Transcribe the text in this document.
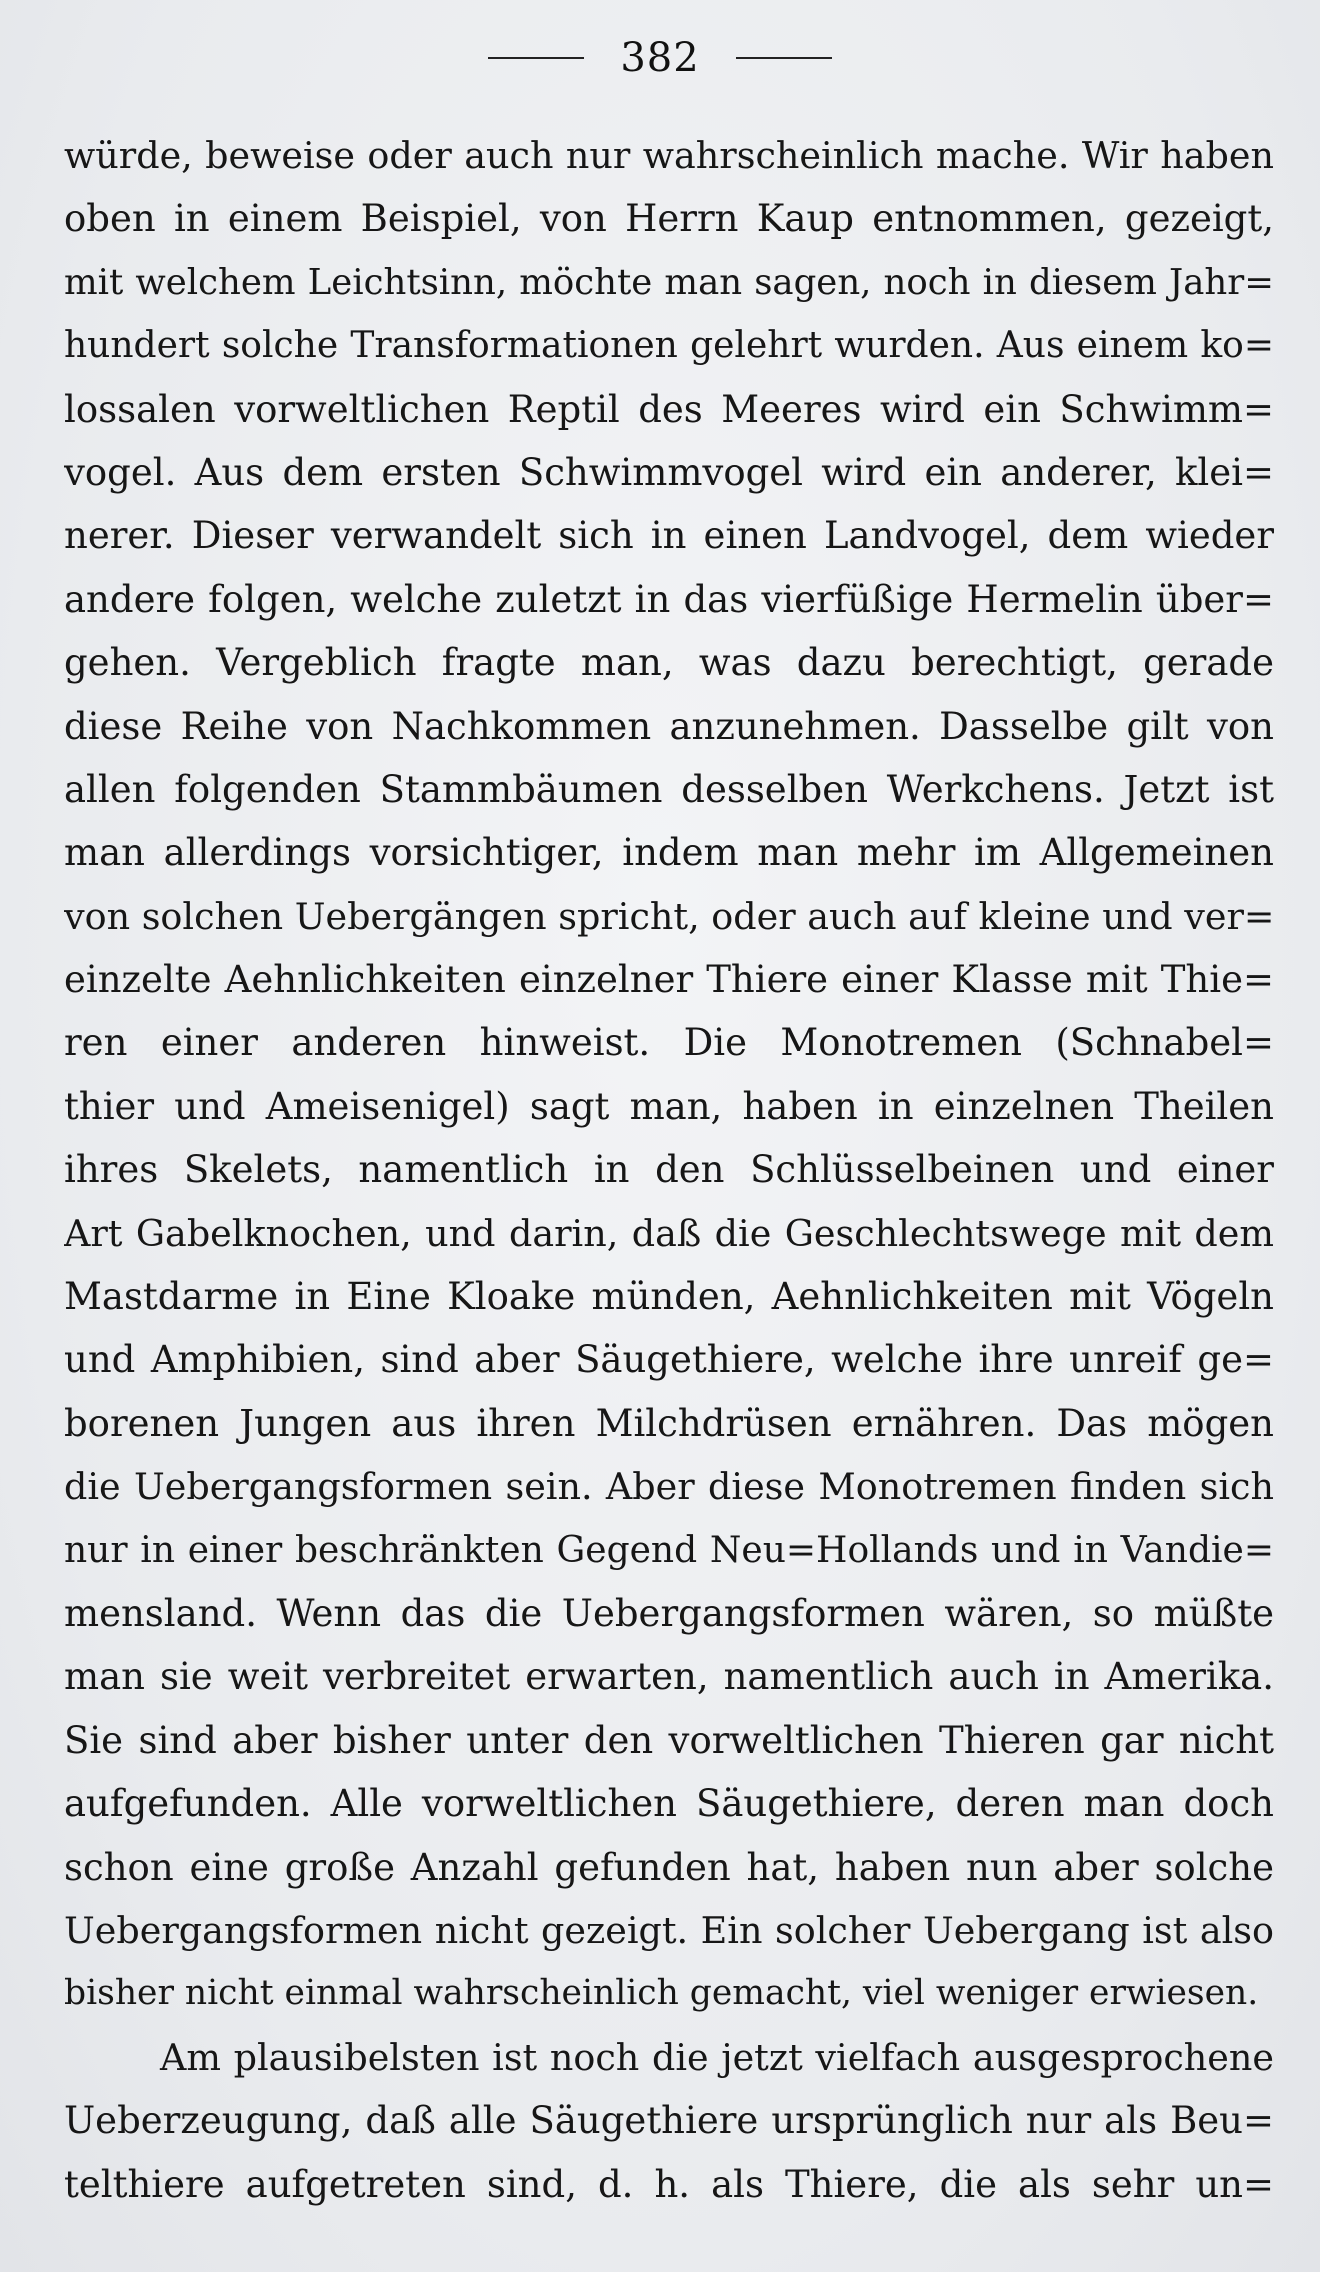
382
würde, beweise oder auch nur wahrscheinlich mache. Wir haben
oben in einem Beispiel, von Herrn Kaup entnommen, gezeigt,
mit welchem Leichtsinn, möchte man sagen, noch in diesem Jahr=
hundert solche Transformationen gelehrt wurden. Aus einem ko=
lossalen vorweltlichen Reptil des Meeres wird ein Schwimm=
vogel. Aus dem ersten Schwimmvogel wird ein anderer, klei=
nerer. Dieser verwandelt sich in einen Landvogel, dem wieder
andere folgen, welche zuletzt in das vierfüßige Hermelin über=
gehen. Vergeblich fragte man, was dazu berechtigt, gerade
diese Reihe von Nachkommen anzunehmen. Dasselbe gilt von
allen folgenden Stammbäumen desselben Werkchens. Jetzt ist
man allerdings vorsichtiger, indem man mehr im Allgemeinen
von solchen Uebergängen spricht, oder auch auf kleine und ver=
einzelte Aehnlichkeiten einzelner Thiere einer Klasse mit Thie=
ren einer anderen hinweist. Die Monotremen (Schnabel=
thier und Ameisenigel) sagt man, haben in einzelnen Theilen
ihres Skelets, namentlich in den Schlüsselbeinen und einer
Art Gabelknochen, und darin, daß die Geschlechtswege mit dem
Mastdarme in Eine Kloake münden, Aehnlichkeiten mit Vögeln
und Amphibien, sind aber Säugethiere, welche ihre unreif ge=
borenen Jungen aus ihren Milchdrüsen ernähren. Das mögen
die Uebergangsformen sein. Aber diese Monotremen finden sich
nur in einer beschränkten Gegend Neu=Hollands und in Vandie=
mensland. Wenn das die Uebergangsformen wären, so müßte
man sie weit verbreitet erwarten, namentlich auch in Amerika.
Sie sind aber bisher unter den vorweltlichen Thieren gar nicht
aufgefunden. Alle vorweltlichen Säugethiere, deren man doch
schon eine große Anzahl gefunden hat, haben nun aber solche
Uebergangsformen nicht gezeigt. Ein solcher Uebergang ist also
bisher nicht einmal wahrscheinlich gemacht, viel weniger erwiesen.
Am plausibelsten ist noch die jetzt vielfach ausgesprochene
Ueberzeugung, daß alle Säugethiere ursprünglich nur als Beu=
telthiere aufgetreten sind, d. h. als Thiere, die als sehr un=
